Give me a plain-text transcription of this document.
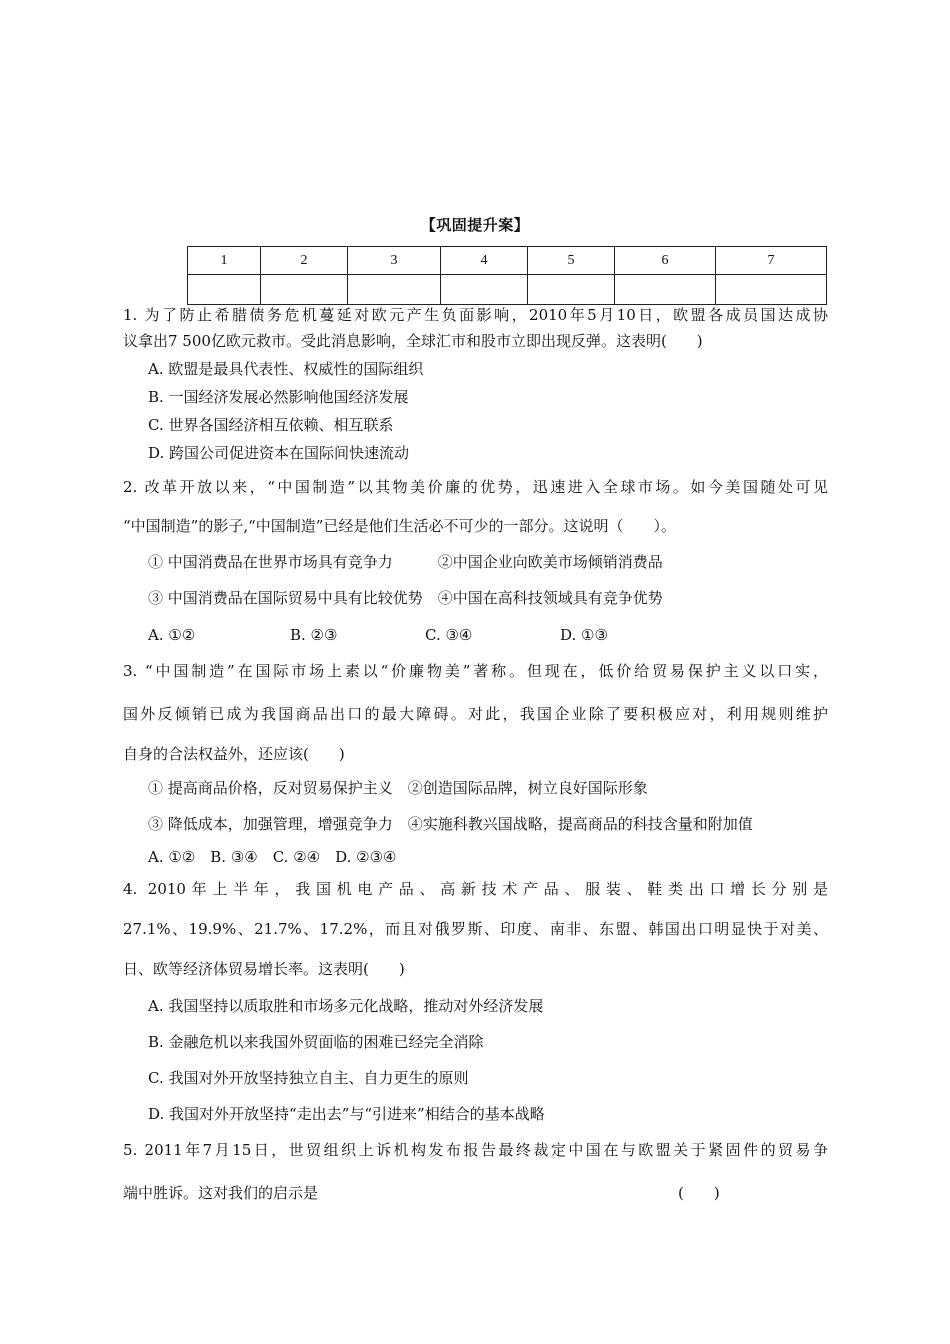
【巩固提升案】
1	2	3	4	5	6	7

1. 为了防止希腊债务危机蔓延对欧元产生负面影响，2010年5月10日，欧盟各成员国达成协
议拿出7 500亿欧元救市。受此消息影响，全球汇市和股市立即出现反弹。这表明(　　)
A. 欧盟是最具代表性、权威性的国际组织
B. 一国经济发展必然影响他国经济发展
C. 世界各国经济相互依赖、相互联系
D. 跨国公司促进资本在国际间快速流动
2. 改革开放以来，“中国制造”以其物美价廉的优势，迅速进入全球市场。如今美国随处可见
“中国制造”的影子,“中国制造”已经是他们生活必不可少的一部分。这说明（　　）。
① 中国消费品在世界市场具有竞争力　　　②中国企业向欧美市场倾销消费品
③ 中国消费品在国际贸易中具有比较优势　④中国在高科技领域具有竞争优势
A. ①②	B. ②③	C. ③④	D. ①③
3. “中国制造”在国际市场上素以“价廉物美”著称。但现在，低价给贸易保护主义以口实，
国外反倾销已成为我国商品出口的最大障碍。对此，我国企业除了要积极应对，利用规则维护
自身的合法权益外，还应该(　　)
① 提高商品价格，反对贸易保护主义　②创造国际品牌，树立良好国际形象
③ 降低成本，加强管理，增强竞争力　④实施科教兴国战略，提高商品的科技含量和附加值
A. ①②　B. ③④　C. ②④　D. ②③④
4. 2010年上半年，我国机电产品、高新技术产品、服装、鞋类出口增长分别是
27.1%、19.9%、21.7%、17.2%，而且对俄罗斯、印度、南非、东盟、韩国出口明显快于对美、
日、欧等经济体贸易增长率。这表明(　　)
A. 我国坚持以质取胜和市场多元化战略，推动对外经济发展
B. 金融危机以来我国外贸面临的困难已经完全消除
C. 我国对外开放坚持独立自主、自力更生的原则
D. 我国对外开放坚持“走出去”与“引进来”相结合的基本战略
5. 2011年7月15日，世贸组织上诉机构发布报告最终裁定中国在与欧盟关于紧固件的贸易争
端中胜诉。这对我们的启示是	(　　)
